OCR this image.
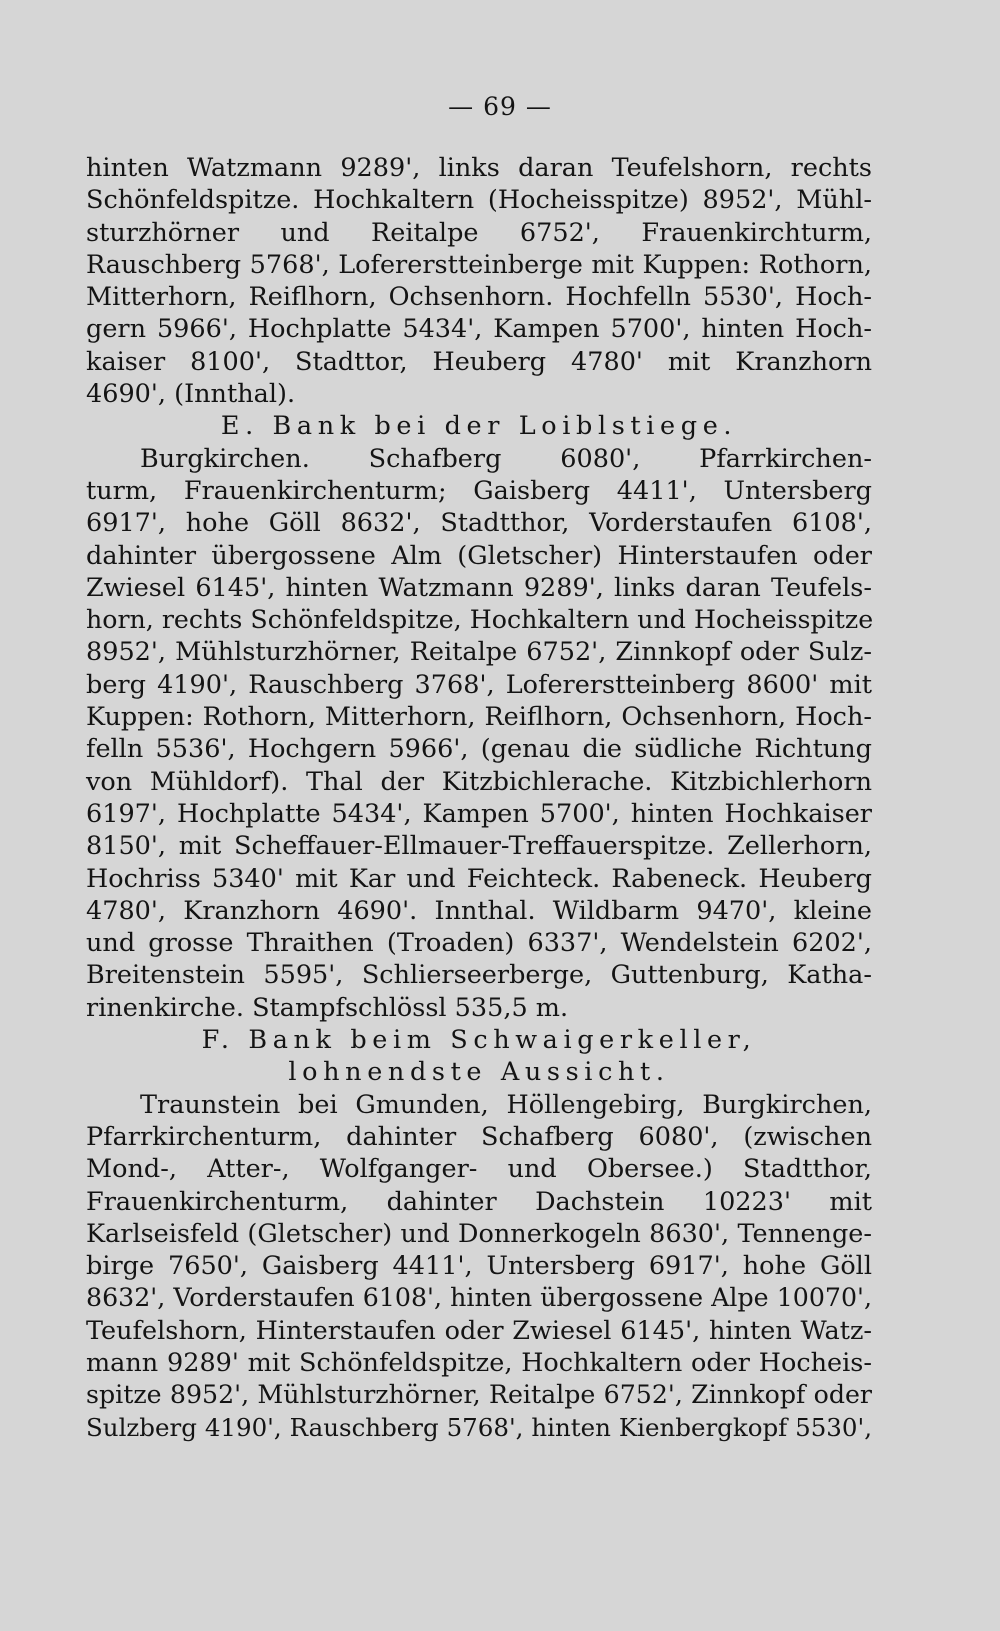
— 69 —
hinten Watzmann 9289', links daran Teufelshorn, rechts
Schönfeldspitze. Hochkaltern (Hocheisspitze) 8952', Mühl-
sturzhörner und Reitalpe 6752', Frauenkirchturm,
Rauschberg 5768', Lofererstteinberge mit Kuppen: Rothorn,
Mitterhorn, Reiflhorn, Ochsenhorn. Hochfelln 5530', Hoch-
gern 5966', Hochplatte 5434', Kampen 5700', hinten Hoch-
kaiser 8100', Stadttor, Heuberg 4780' mit Kranzhorn
4690', (Innthal).
E. Bank bei der Loiblstiege.
Burgkirchen. Schafberg 6080', Pfarrkirchen-
turm, Frauenkirchenturm; Gaisberg 4411', Untersberg
6917', hohe Göll 8632', Stadtthor, Vorderstaufen 6108',
dahinter übergossene Alm (Gletscher) Hinterstaufen oder
Zwiesel 6145', hinten Watzmann 9289', links daran Teufels-
horn, rechts Schönfeldspitze, Hochkaltern und Hocheisspitze
8952', Mühlsturzhörner, Reitalpe 6752', Zinnkopf oder Sulz-
berg 4190', Rauschberg 3768', Lofererstteinberg 8600' mit
Kuppen: Rothorn, Mitterhorn, Reiflhorn, Ochsenhorn, Hoch-
felln 5536', Hochgern 5966', (genau die südliche Richtung
von Mühldorf). Thal der Kitzbichlerache. Kitzbichlerhorn
6197', Hochplatte 5434', Kampen 5700', hinten Hochkaiser
8150', mit Scheffauer-Ellmauer-Treffauerspitze. Zellerhorn,
Hochriss 5340' mit Kar und Feichteck. Rabeneck. Heuberg
4780', Kranzhorn 4690'. Innthal. Wildbarm 9470', kleine
und grosse Thraithen (Troaden) 6337', Wendelstein 6202',
Breitenstein 5595', Schlierseerberge, Guttenburg, Katha-
rinenkirche. Stampfschlössl 535,5 m.
F. Bank beim Schwaigerkeller,
lohnendste Aussicht.
Traunstein bei Gmunden, Höllengebirg, Burgkirchen,
Pfarrkirchenturm, dahinter Schafberg 6080', (zwischen
Mond-, Atter-, Wolfganger- und Obersee.) Stadtthor,
Frauenkirchenturm, dahinter Dachstein 10223' mit
Karlseisfeld (Gletscher) und Donnerkogeln 8630', Tennenge-
birge 7650', Gaisberg 4411', Untersberg 6917', hohe Göll
8632', Vorderstaufen 6108', hinten übergossene Alpe 10070',
Teufelshorn, Hinterstaufen oder Zwiesel 6145', hinten Watz-
mann 9289' mit Schönfeldspitze, Hochkaltern oder Hocheis-
spitze 8952', Mühlsturzhörner, Reitalpe 6752', Zinnkopf oder
Sulzberg 4190', Rauschberg 5768', hinten Kienbergkopf 5530',
